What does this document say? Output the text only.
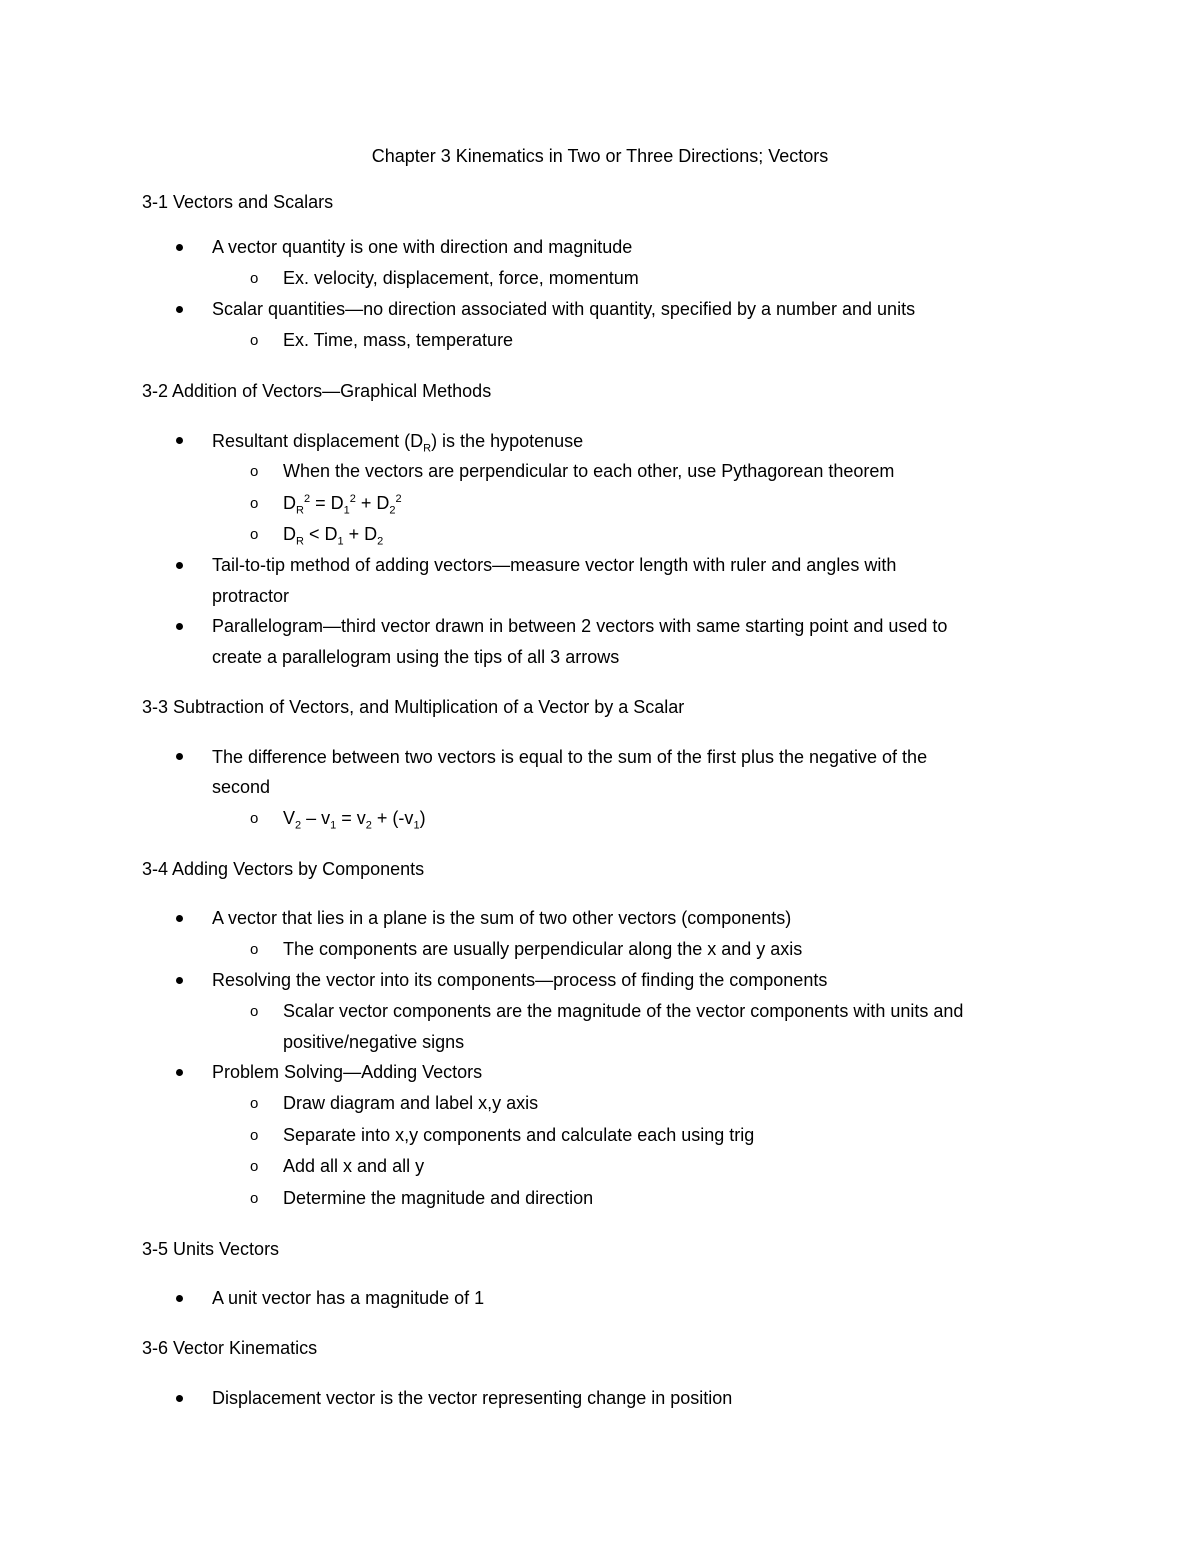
Chapter 3 Kinematics in Two or Three Directions; Vectors
3-1 Vectors and Scalars
A vector quantity is one with direction and magnitude
o Ex. velocity, displacement, force, momentum
Scalar quantities—no direction associated with quantity, specified by a number and units
o Ex. Time, mass, temperature
3-2 Addition of Vectors—Graphical Methods
Resultant displacement $(D_R)$ is the hypotenuse
o When the vectors are perpendicular to each other, use Pythagorean theorem
o $D_R^2 = D_1^2 + D_2^2$
o $D_R < D_1 + D_2$
Tail-to-tip method of adding vectors—measure vector length with ruler and angles with
protractor
Parallelogram—third vector drawn in between 2 vectors with same starting point and used to
create a parallelogram using the tips of all 3 arrows
3-3 Subtraction of Vectors, and Multiplication of a Vector by a Scalar
The difference between two vectors is equal to the sum of the first plus the negative of the
second
o $V_2 - v_1 = v_2 + (-v_1)$
3-4 Adding Vectors by Components
A vector that lies in a plane is the sum of two other vectors (components)
o The components are usually perpendicular along the x and y axis
Resolving the vector into its components—process of finding the components
o Scalar vector components are the magnitude of the vector components with units and
positive/negative signs
Problem Solving—Adding Vectors
o Draw diagram and label x,y axis
o Separate into x,y components and calculate each using trig
o Add all x and all y
o Determine the magnitude and direction
3-5 Units Vectors
A unit vector has a magnitude of 1
3-6 Vector Kinematics
Displacement vector is the vector representing change in position
